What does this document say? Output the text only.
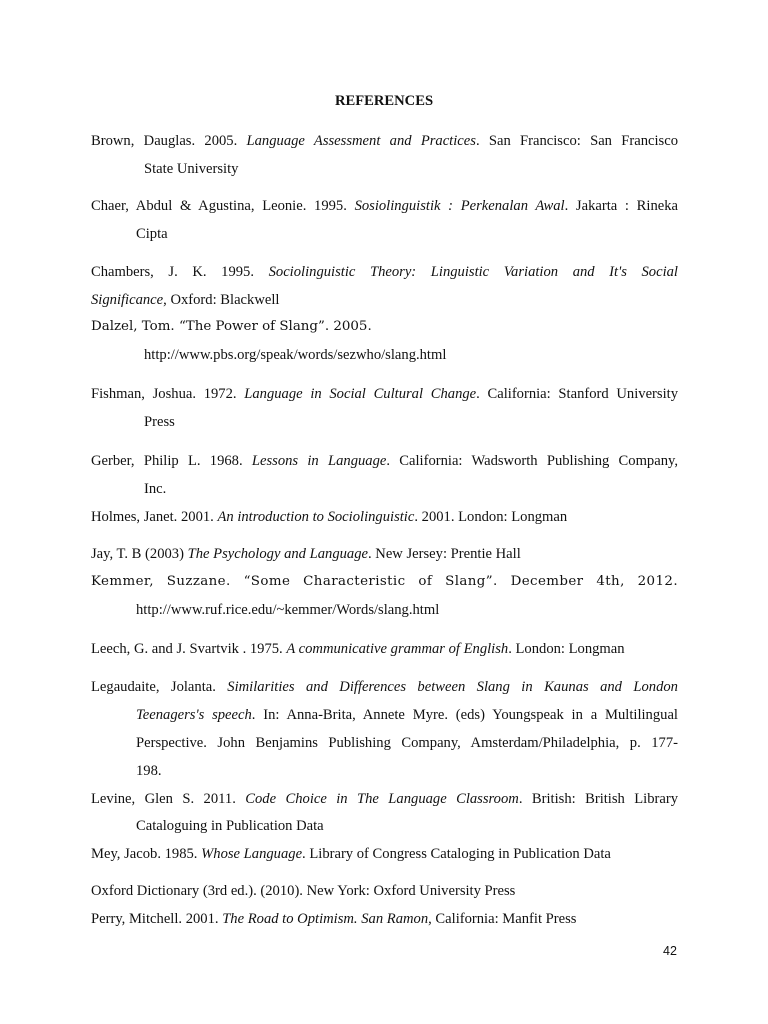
REFERENCES
Brown, Dauglas. 2005. Language Assessment and Practices. San Francisco: San Francisco
State University
Chaer, Abdul & Agustina, Leonie. 1995. Sosiolinguistik : Perkenalan Awal. Jakarta : Rineka
Cipta
Chambers, J. K. 1995. Sociolinguistic Theory: Linguistic Variation and It's Social
Significance, Oxford: Blackwell
Dalzel, Tom. “The Power of Slang”. 2005.
http://www.pbs.org/speak/words/sezwho/slang.html
Fishman, Joshua. 1972. Language in Social Cultural Change. California: Stanford University
Press
Gerber, Philip L. 1968. Lessons in Language. California: Wadsworth Publishing Company,
Inc.
Holmes, Janet. 2001. An introduction to Sociolinguistic. 2001. London: Longman
Jay, T. B (2003) The Psychology and Language. New Jersey: Prentie Hall
Kemmer, Suzzane. “Some Characteristic of Slang”. December 4th, 2012.
http://www.ruf.rice.edu/~kemmer/Words/slang.html
Leech, G. and J. Svartvik . 1975. A communicative grammar of English. London: Longman
Legaudaite, Jolanta. Similarities and Differences between Slang in Kaunas and London
Teenagers's speech. In: Anna-Brita, Annete Myre. (eds) Youngspeak in a Multilingual
Perspective. John Benjamins Publishing Company, Amsterdam/Philadelphia, p. 177-
198.
Levine, Glen S. 2011. Code Choice in The Language Classroom. British: British Library
Cataloguing in Publication Data
Mey, Jacob. 1985. Whose Language. Library of Congress Cataloging in Publication Data
Oxford Dictionary (3rd ed.). (2010). New York: Oxford University Press
Perry, Mitchell. 2001. The Road to Optimism. San Ramon, California: Manfit Press
42
